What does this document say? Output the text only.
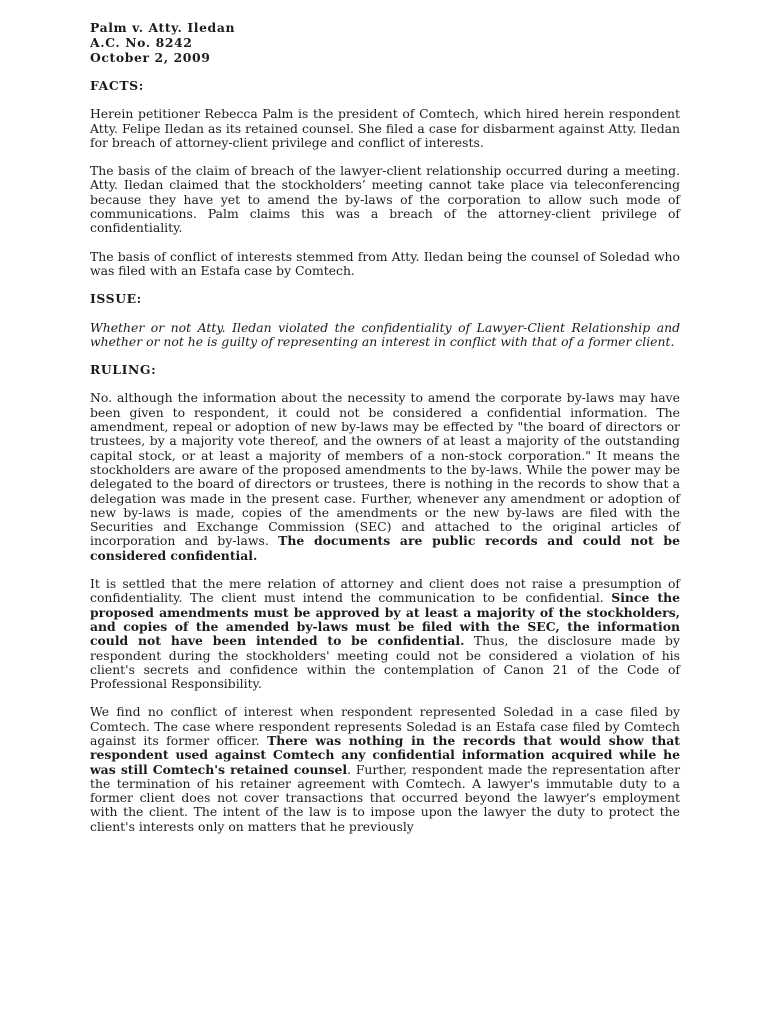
Palm v. Atty. Iledan
A.C. No. 8242
October 2, 2009
FACTS:

Herein petitioner Rebecca Palm is the president of Comtech, which hired herein respondent Atty. Felipe Iledan as its retained counsel. She filed a case for disbarment against Atty. Iledan for breach of attorney-client privilege and conflict of interests.

The basis of the claim of breach of the lawyer-client relationship occurred during a meeting. Atty. Iledan claimed that the stockholders’ meeting cannot take place via teleconferencing because they have yet to amend the by-laws of the corporation to allow such mode of communications. Palm claims this was a breach of the attorney-client privilege of confidentiality.

The basis of conflict of interests stemmed from Atty. Iledan being the counsel of Soledad who was filed with an Estafa case by Comtech.

ISSUE:

Whether or not Atty. Iledan violated the confidentiality of Lawyer-Client Relationship and whether or not he is guilty of representing an interest in conflict with that of a former client.

RULING:

No. although the information about the necessity to amend the corporate by-laws may have been given to respondent, it could not be considered a confidential information. The amendment, repeal or adoption of new by-laws may be effected by "the board of directors or trustees, by a majority vote thereof, and the owners of at least a majority of the outstanding capital stock, or at least a majority of members of a non-stock corporation." It means the stockholders are aware of the proposed amendments to the by-laws. While the power may be delegated to the board of directors or trustees, there is nothing in the records to show that a delegation was made in the present case. Further, whenever any amendment or adoption of new by-laws is made, copies of the amendments or the new by-laws are filed with the Securities and Exchange Commission (SEC) and attached to the original articles of incorporation and by-laws. The documents are public records and could not be considered confidential.

It is settled that the mere relation of attorney and client does not raise a presumption of confidentiality. The client must intend the communication to be confidential. Since the proposed amendments must be approved by at least a majority of the stockholders, and copies of the amended by-laws must be filed with the SEC, the information could not have been intended to be confidential. Thus, the disclosure made by respondent during the stockholders' meeting could not be considered a violation of his client's secrets and confidence within the contemplation of Canon 21 of the Code of Professional Responsibility.

We find no conflict of interest when respondent represented Soledad in a case filed by Comtech. The case where respondent represents Soledad is an Estafa case filed by Comtech against its former officer. There was nothing in the records that would show that respondent used against Comtech any confidential information acquired while he was still Comtech's retained counsel. Further, respondent made the representation after the termination of his retainer agreement with Comtech. A lawyer's immutable duty to a former client does not cover transactions that occurred beyond the lawyer's employment with the client. The intent of the law is to impose upon the lawyer the duty to protect the client's interests only on matters that he previously
